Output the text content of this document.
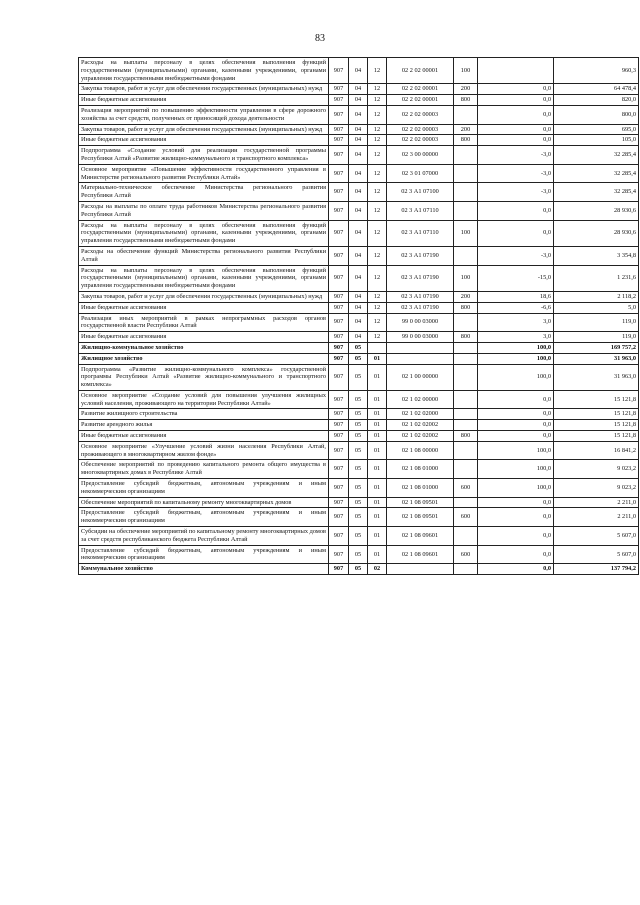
83
Расходы на выплаты персоналу в целях обеспечения выполнения функций государственными (муниципальными) органами, казенными учреждениями, органами управления государственными внебюджетными фондами	907	04	12	02 2 02 00001	100		960,3
Закупка товаров, работ и услуг для обеспечения государственных (муниципальных) нужд	907	04	12	02 2 02 00001	200	0,0	64 478,4
Иные бюджетные ассигнования	907	04	12	02 2 02 00001	800	0,0	820,0
Реализация мероприятий по повышению эффективности управления в сфере дорожного хозяйства за счет средств, полученных от приносящей дохода деятельности	907	04	12	02 2 02 00003		0,0	800,0
Закупка товаров, работ и услуг для обеспечения государственных (муниципальных) нужд	907	04	12	02 2 02 00003	200	0,0	695,0
Иные бюджетные ассигнования	907	04	12	02 2 02 00003	800	0,0	105,0
Подпрограмма «Создание условий для реализации государственной программы Республики Алтай «Развитие жилищно-коммунального и транспортного комплекса»	907	04	12	02 3 00 00000		-3,0	32 285,4
Основное мероприятие «Повышение эффективности государственного управления в Министерстве регионального развития Республики Алтай»	907	04	12	02 3 01 07000		-3,0	32 285,4
Материально-техническое обеспечение Министерства регионального развития Республики Алтай	907	04	12	02 3 А1 07100		-3,0	32 285,4
Расходы на выплаты по оплате труда работников Министерства регионального развития Республики Алтай	907	04	12	02 3 А1 07110		0,0	28 930,6
Расходы на выплаты персоналу в целях обеспечения выполнения функций государственными (муниципальными) органами, казенными учреждениями, органами управления государственными внебюджетными фондами	907	04	12	02 3 А1 07110	100	0,0	28 930,6
Расходы на обеспечение функций Министерства регионального развития Республики Алтай	907	04	12	02 3 А1 07190		-3,0	3 354,8
Расходы на выплаты персоналу в целях обеспечения выполнения функций государственными (муниципальными) органами, казенными учреждениями, органами управления государственными внебюджетными фондами	907	04	12	02 3 А1 07190	100	-15,0	1 231,6
Закупка товаров, работ и услуг для обеспечения государственных (муниципальных) нужд	907	04	12	02 3 А1 07190	200	18,6	2 118,2
Иные бюджетные ассигнования	907	04	12	02 3 А1 07190	800	-6,6	5,0
Реализация иных мероприятий в рамках непрограммных расходов органов государственной власти Республики Алтай	907	04	12	99 0 00 03000		3,0	119,0
Иные бюджетные ассигнования	907	04	12	99 0 00 03000	800	3,0	119,0
Жилищно-коммунальное хозяйство	907	05				100,0	169 757,2
Жилищное хозяйство	907	05	01			100,0	31 963,0
Подпрограмма «Развитие жилищно-коммунального комплекса» государственной программы Республики Алтай «Развитие жилищно-коммунального и транспортного комплекса»	907	05	01	02 1 00 00000		100,0	31 963,0
Основное мероприятие «Создание условий для повышения улучшения жилищных условий населения, проживающего на территории Республики Алтай»	907	05	01	02 1 02 00000		0,0	15 121,8
Развитие жилищного строительства	907	05	01	02 1 02 02000		0,0	15 121,8
Развитие арендного жилья	907	05	01	02 1 02 02002		0,0	15 121,8
Иные бюджетные ассигнования	907	05	01	02 1 02 02002	800	0,0	15 121,8
Основное мероприятие «Улучшение условий жизни населения Республики Алтай, проживающего в многоквартирном жилом фонде»	907	05	01	02 1 08 00000		100,0	16 841,2
Обеспечение мероприятий по проведению капитального ремонта общего имущества в многоквартирных домах в Республике Алтай	907	05	01	02 1 08 01000		100,0	9 023,2
Предоставление субсидий бюджетным, автономным учреждениям и иным некоммерческим организациям	907	05	01	02 1 08 01000	600	100,0	9 023,2
Обеспечение мероприятий по капитальному ремонту многоквартирных домов	907	05	01	02 1 08 09501		0,0	2 211,0
Предоставление субсидий бюджетным, автономным учреждениям и иным некоммерческим организациям	907	05	01	02 1 08 09501	600	0,0	2 211,0
Субсидии на обеспечение мероприятий по капитальному ремонту многоквартирных домов за счет средств республиканского бюджета Республики Алтай	907	05	01	02 1 08 09601		0,0	5 607,0
Предоставление субсидий бюджетным, автономным учреждениям и иным некоммерческим организациям	907	05	01	02 1 08 09601	600	0,0	5 607,0
Коммунальное хозяйство	907	05	02			0,0	137 794,2
